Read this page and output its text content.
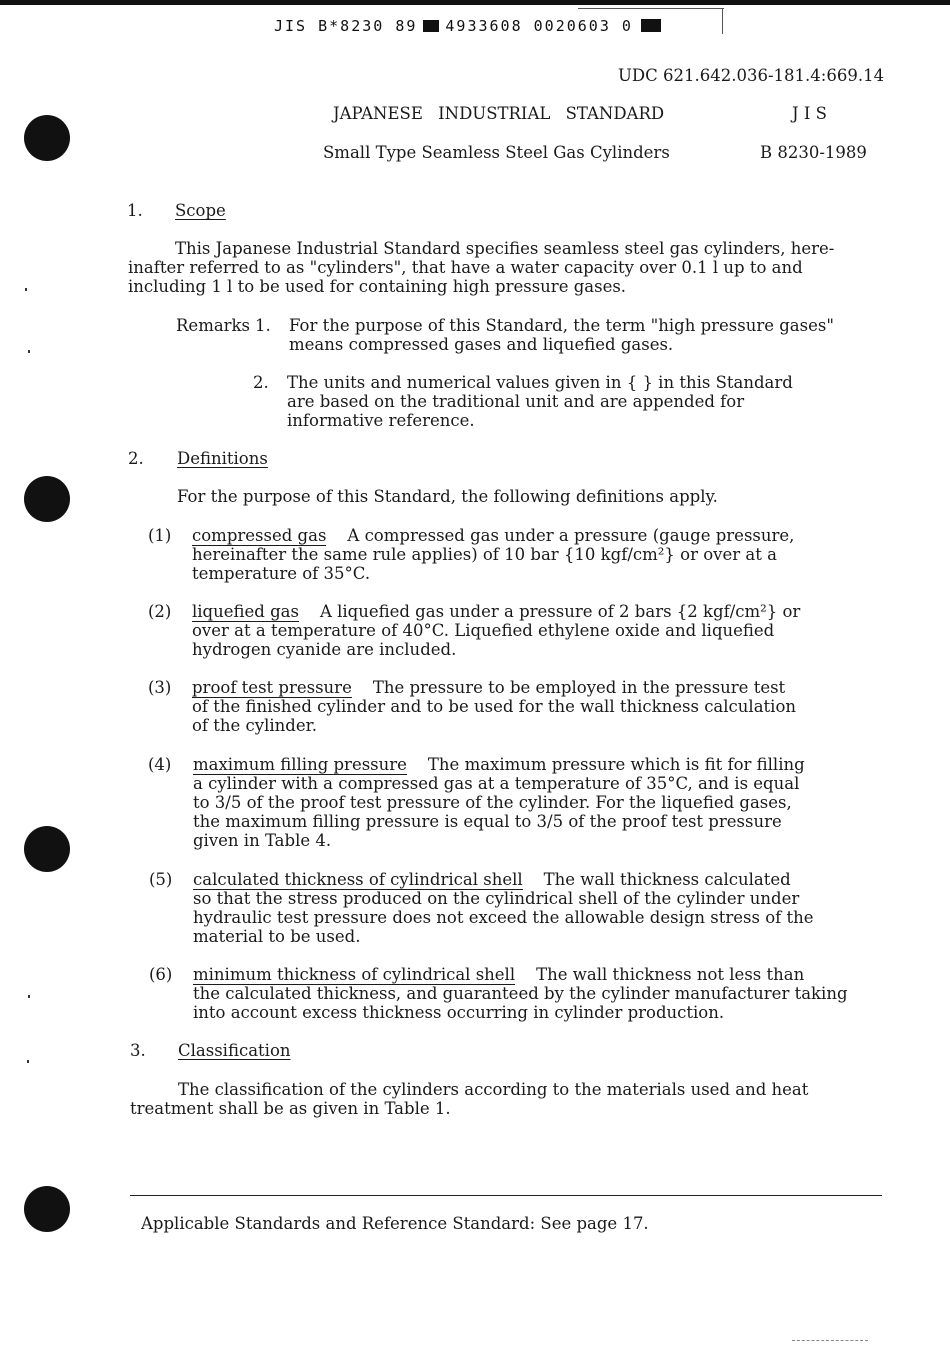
JIS B*8230 89 4933608 0020603 0
UDC 621.642.036-181.4:669.14
JAPANESE INDUSTRIAL STANDARD	J I S
Small Type Seamless Steel Gas Cylinders	B 8230-1989
1. Scope
This Japanese Industrial Standard specifies seamless steel gas cylinders, here-
inafter referred to as "cylinders", that have a water capacity over 0.1 l up to and
including 1 l to be used for containing high pressure gases.
Remarks 1. For the purpose of this Standard, the term "high pressure gases"
means compressed gases and liquefied gases.
2. The units and numerical values given in { } in this Standard
are based on the traditional unit and are appended for
informative reference.
2. Definitions
For the purpose of this Standard, the following definitions apply.
(1) compressed gas A compressed gas under a pressure (gauge pressure,
hereinafter the same rule applies) of 10 bar {10 kgf/cm²} or over at a
temperature of 35°C.
(2) liquefied gas A liquefied gas under a pressure of 2 bars {2 kgf/cm²} or
over at a temperature of 40°C. Liquefied ethylene oxide and liquefied
hydrogen cyanide are included.
(3) proof test pressure The pressure to be employed in the pressure test
of the finished cylinder and to be used for the wall thickness calculation
of the cylinder.
(4) maximum filling pressure The maximum pressure which is fit for filling
a cylinder with a compressed gas at a temperature of 35°C, and is equal
to 3/5 of the proof test pressure of the cylinder. For the liquefied gases,
the maximum filling pressure is equal to 3/5 of the proof test pressure
given in Table 4.
(5) calculated thickness of cylindrical shell The wall thickness calculated
so that the stress produced on the cylindrical shell of the cylinder under
hydraulic test pressure does not exceed the allowable design stress of the
material to be used.
(6) minimum thickness of cylindrical shell The wall thickness not less than
the calculated thickness, and guaranteed by the cylinder manufacturer taking
into account excess thickness occurring in cylinder production.
3. Classification
The classification of the cylinders according to the materials used and heat
treatment shall be as given in Table 1.
Applicable Standards and Reference Standard: See page 17.
